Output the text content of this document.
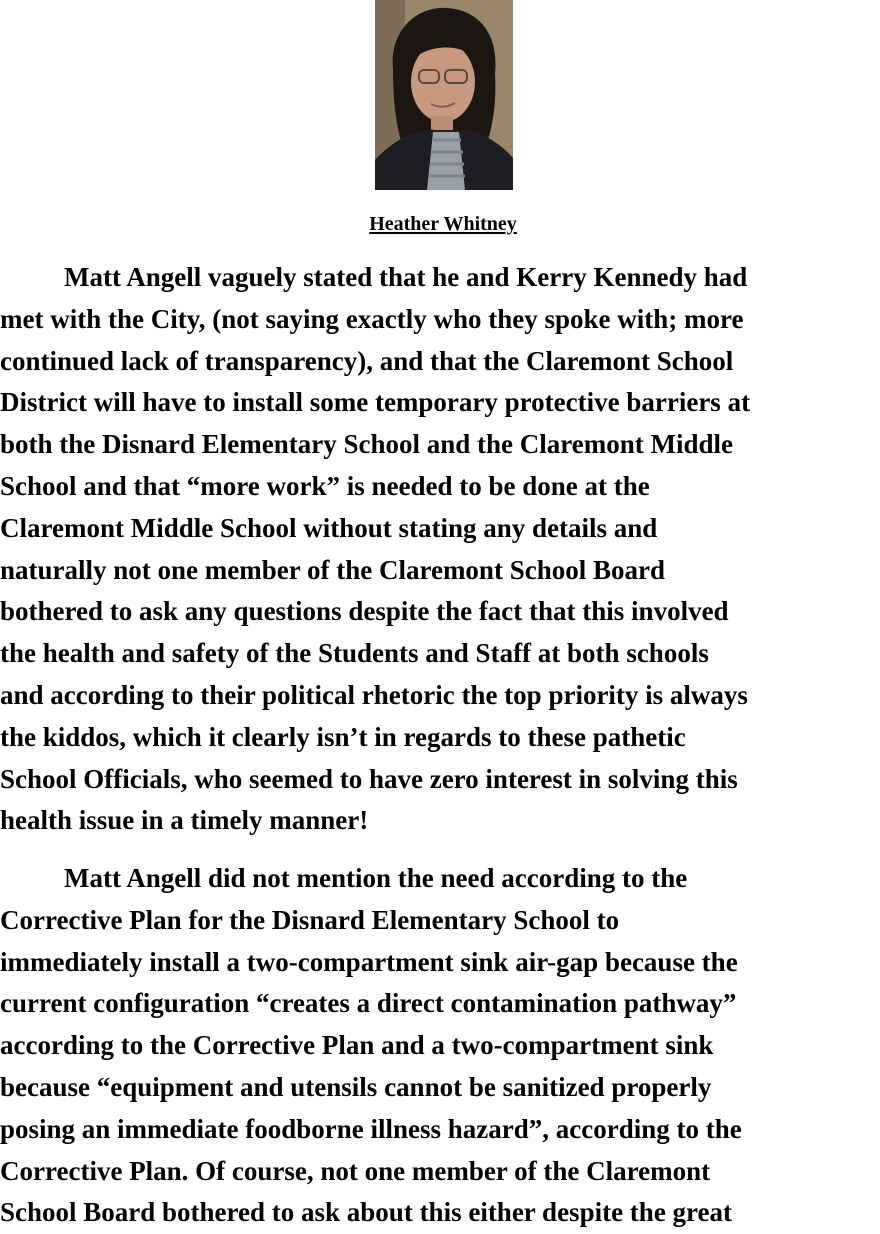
Heather Whitney
Matt Angell vaguely stated that he and Kerry Kennedy had
met with the City, (not saying exactly who they spoke with; more
continued lack of transparency), and that the Claremont School
District will have to install some temporary protective barriers at
both the Disnard Elementary School and the Claremont Middle
School and that “more work” is needed to be done at the
Claremont Middle School without stating any details and
naturally not one member of the Claremont School Board
bothered to ask any questions despite the fact that this involved
the health and safety of the Students and Staff at both schools
and according to their political rhetoric the top priority is always
the kiddos, which it clearly isn’t in regards to these pathetic
School Officials, who seemed to have zero interest in solving this
health issue in a timely manner!
Matt Angell did not mention the need according to the
Corrective Plan for the Disnard Elementary School to
immediately install a two-compartment sink air-gap because the
current configuration “creates a direct contamination pathway”
according to the Corrective Plan and a two-compartment sink
because “equipment and utensils cannot be sanitized properly
posing an immediate foodborne illness hazard”, according to the
Corrective Plan. Of course, not one member of the Claremont
School Board bothered to ask about this either despite the great
